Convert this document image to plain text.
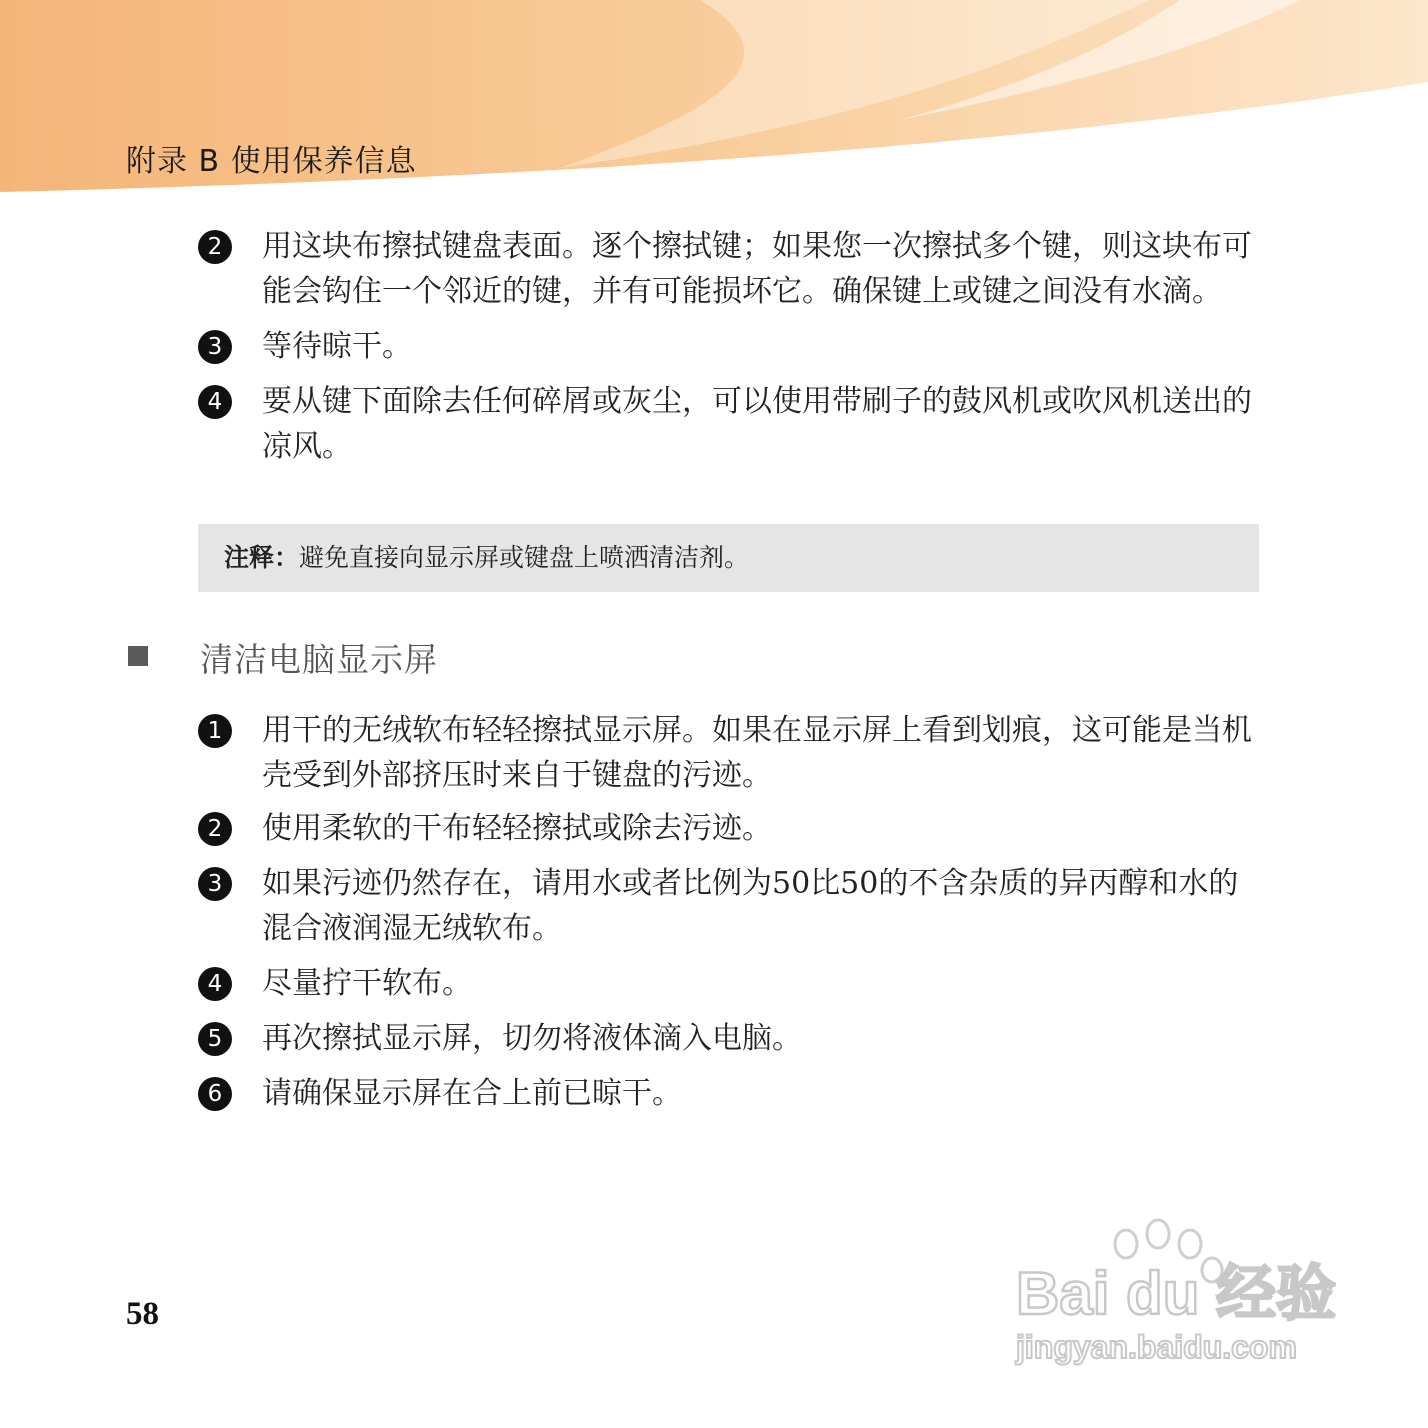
附录 B 使用保养信息
2	用这块布擦拭键盘表面。逐个擦拭键；如果您一次擦拭多个键，则这块布可能会钩住一个邻近的键，并有可能损坏它。确保键上或键之间没有水滴。
3	等待晾干。
4	要从键下面除去任何碎屑或灰尘，可以使用带刷子的鼓风机或吹风机送出的凉风。
注释：避免直接向显示屏或键盘上喷洒清洁剂。
清洁电脑显示屏
1	用干的无绒软布轻轻擦拭显示屏。如果在显示屏上看到划痕，这可能是当机壳受到外部挤压时来自于键盘的污迹。
2	使用柔软的干布轻轻擦拭或除去污迹。
3	如果污迹仍然存在，请用水或者比例为50比50的不含杂质的异丙醇和水的混合液润湿无绒软布。
4	尽量拧干软布。
5	再次擦拭显示屏，切勿将液体滴入电脑。
6	请确保显示屏在合上前已晾干。
58	Bai du 经验
jingyan.baidu.com
